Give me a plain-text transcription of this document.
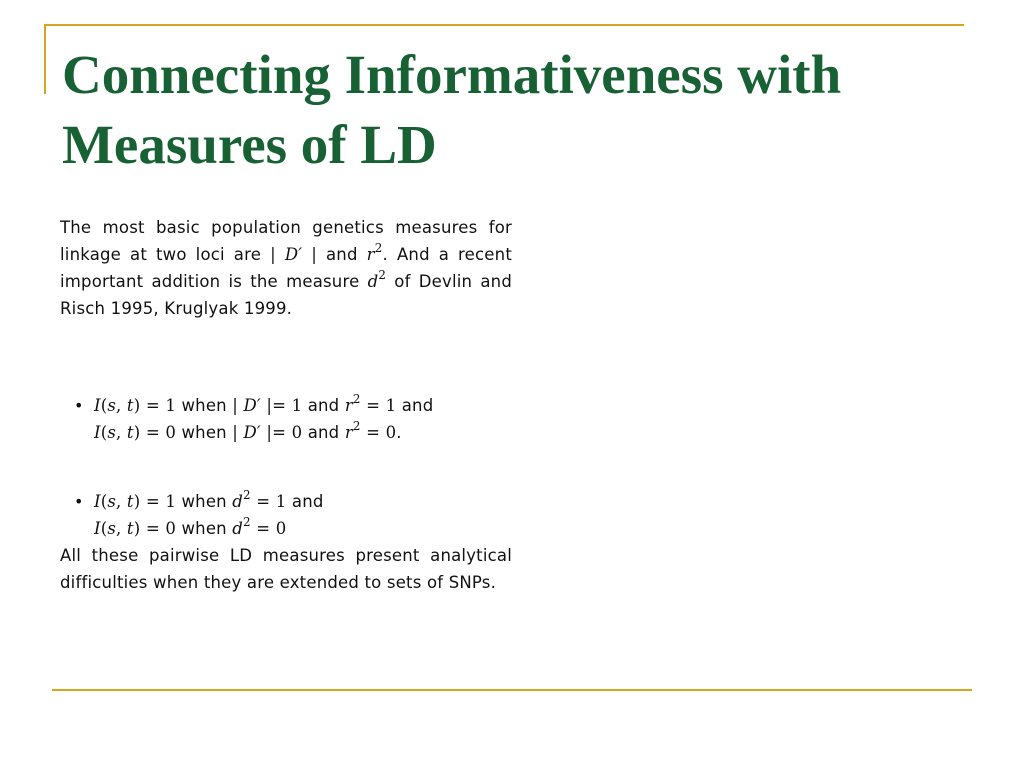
Connecting Informativeness with
Measures of LD

The most basic population genetics measures for linkage at two loci are | D′ | and $r^2$. And a recent important addition is the measure $d^2$ of Devlin and Risch 1995, Kruglyak 1999.

• I(s, t) = 1 when | D′ |= 1 and $r^2 = 1$ and
I(s, t) = 0 when | D′ |= 0 and $r^2 = 0$.
• I(s, t) = 1 when $d^2 = 1$ and
I(s, t) = 0 when $d^2 = 0$

All these pairwise LD measures present analytical difficulties when they are extended to sets of SNPs.
